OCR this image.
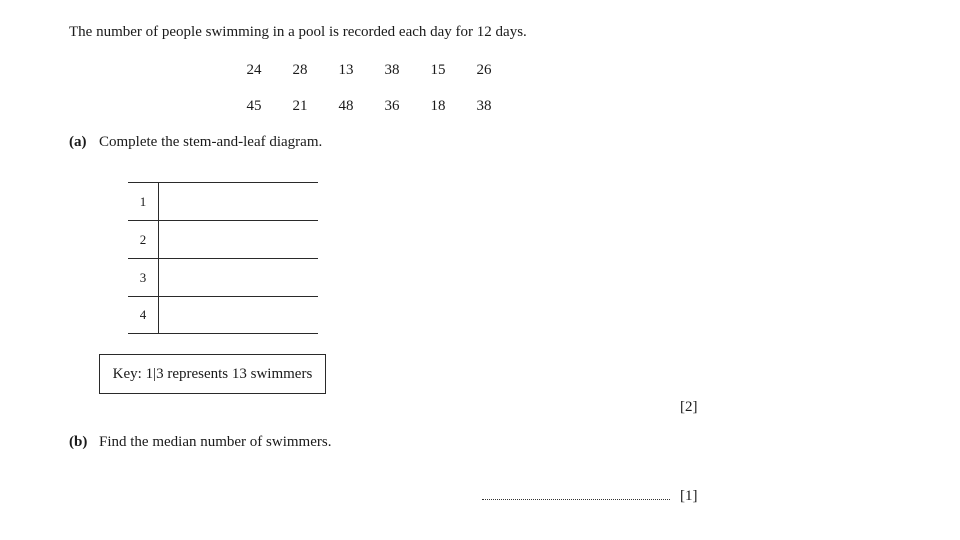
The number of people swimming in a pool is recorded each day for 12 days.
24	28	13	38	15	26
45	21	48	36	18	38
(a) Complete the stem-and-leaf diagram.
1
2
3
4
Key: 1|3 represents 13 swimmers
[2]
(b) Find the median number of swimmers.
[1]
